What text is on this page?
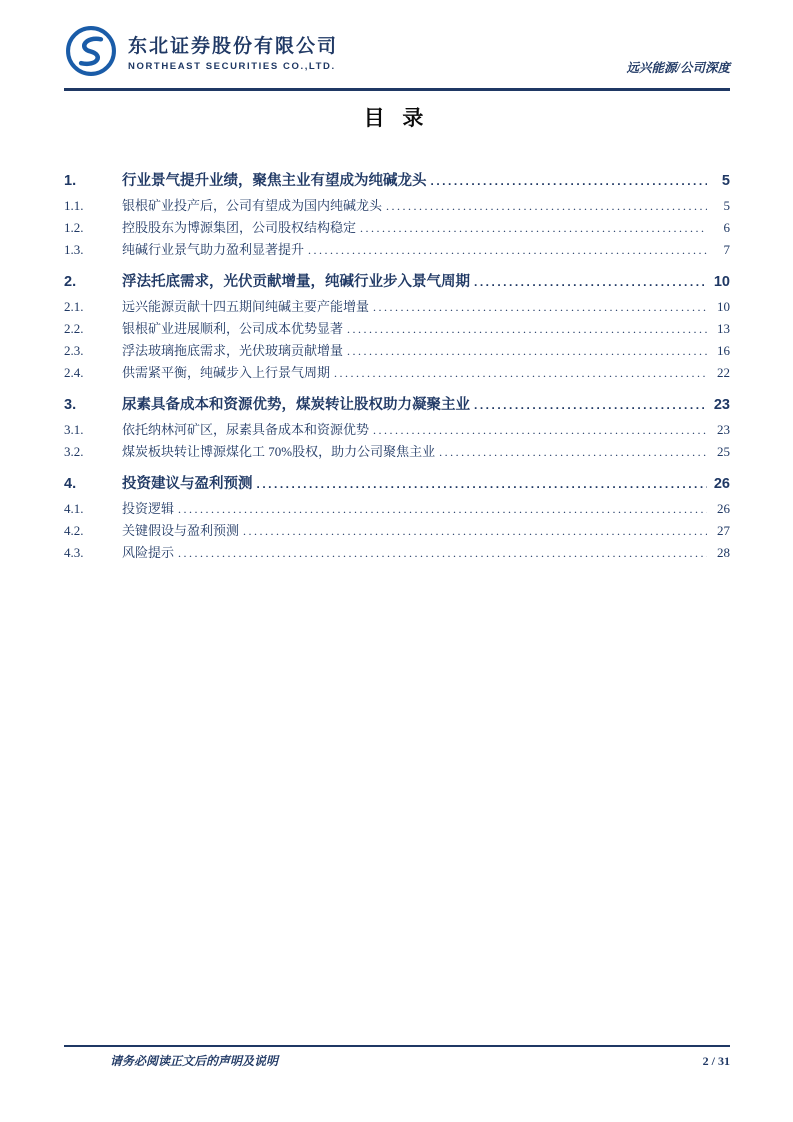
东北证券股份有限公司
NORTHEAST SECURITIES CO.,LTD.	远兴能源/公司深度
目 录
1.	行业景气提升业绩，聚焦主业有望成为纯碱龙头 .....	5
1.1.	银根矿业投产后，公司有望成为国内纯碱龙头 .....	5
1.2.	控股股东为博源集团，公司股权结构稳定 .....	6
1.3.	纯碱行业景气助力盈利显著提升 .....	7
2.	浮法托底需求，光伏贡献增量，纯碱行业步入景气周期 .....	10
2.1.	远兴能源贡献十四五期间纯碱主要产能增量 .....	10
2.2.	银根矿业进展顺利，公司成本优势显著 .....	13
2.3.	浮法玻璃拖底需求，光伏玻璃贡献增量 .....	16
2.4.	供需紧平衡，纯碱步入上行景气周期 .....	22
3.	尿素具备成本和资源优势，煤炭转让股权助力凝聚主业 .....	23
3.1.	依托纳林河矿区，尿素具备成本和资源优势 .....	23
3.2.	煤炭板块转让博源煤化工 70%股权，助力公司聚焦主业 .....	25
4.	投资建议与盈利预测 .....	26
4.1.	投资逻辑 .....	26
4.2.	关键假设与盈利预测 .....	27
4.3.	风险提示 .....	28
请务必阅读正文后的声明及说明	2 / 31
